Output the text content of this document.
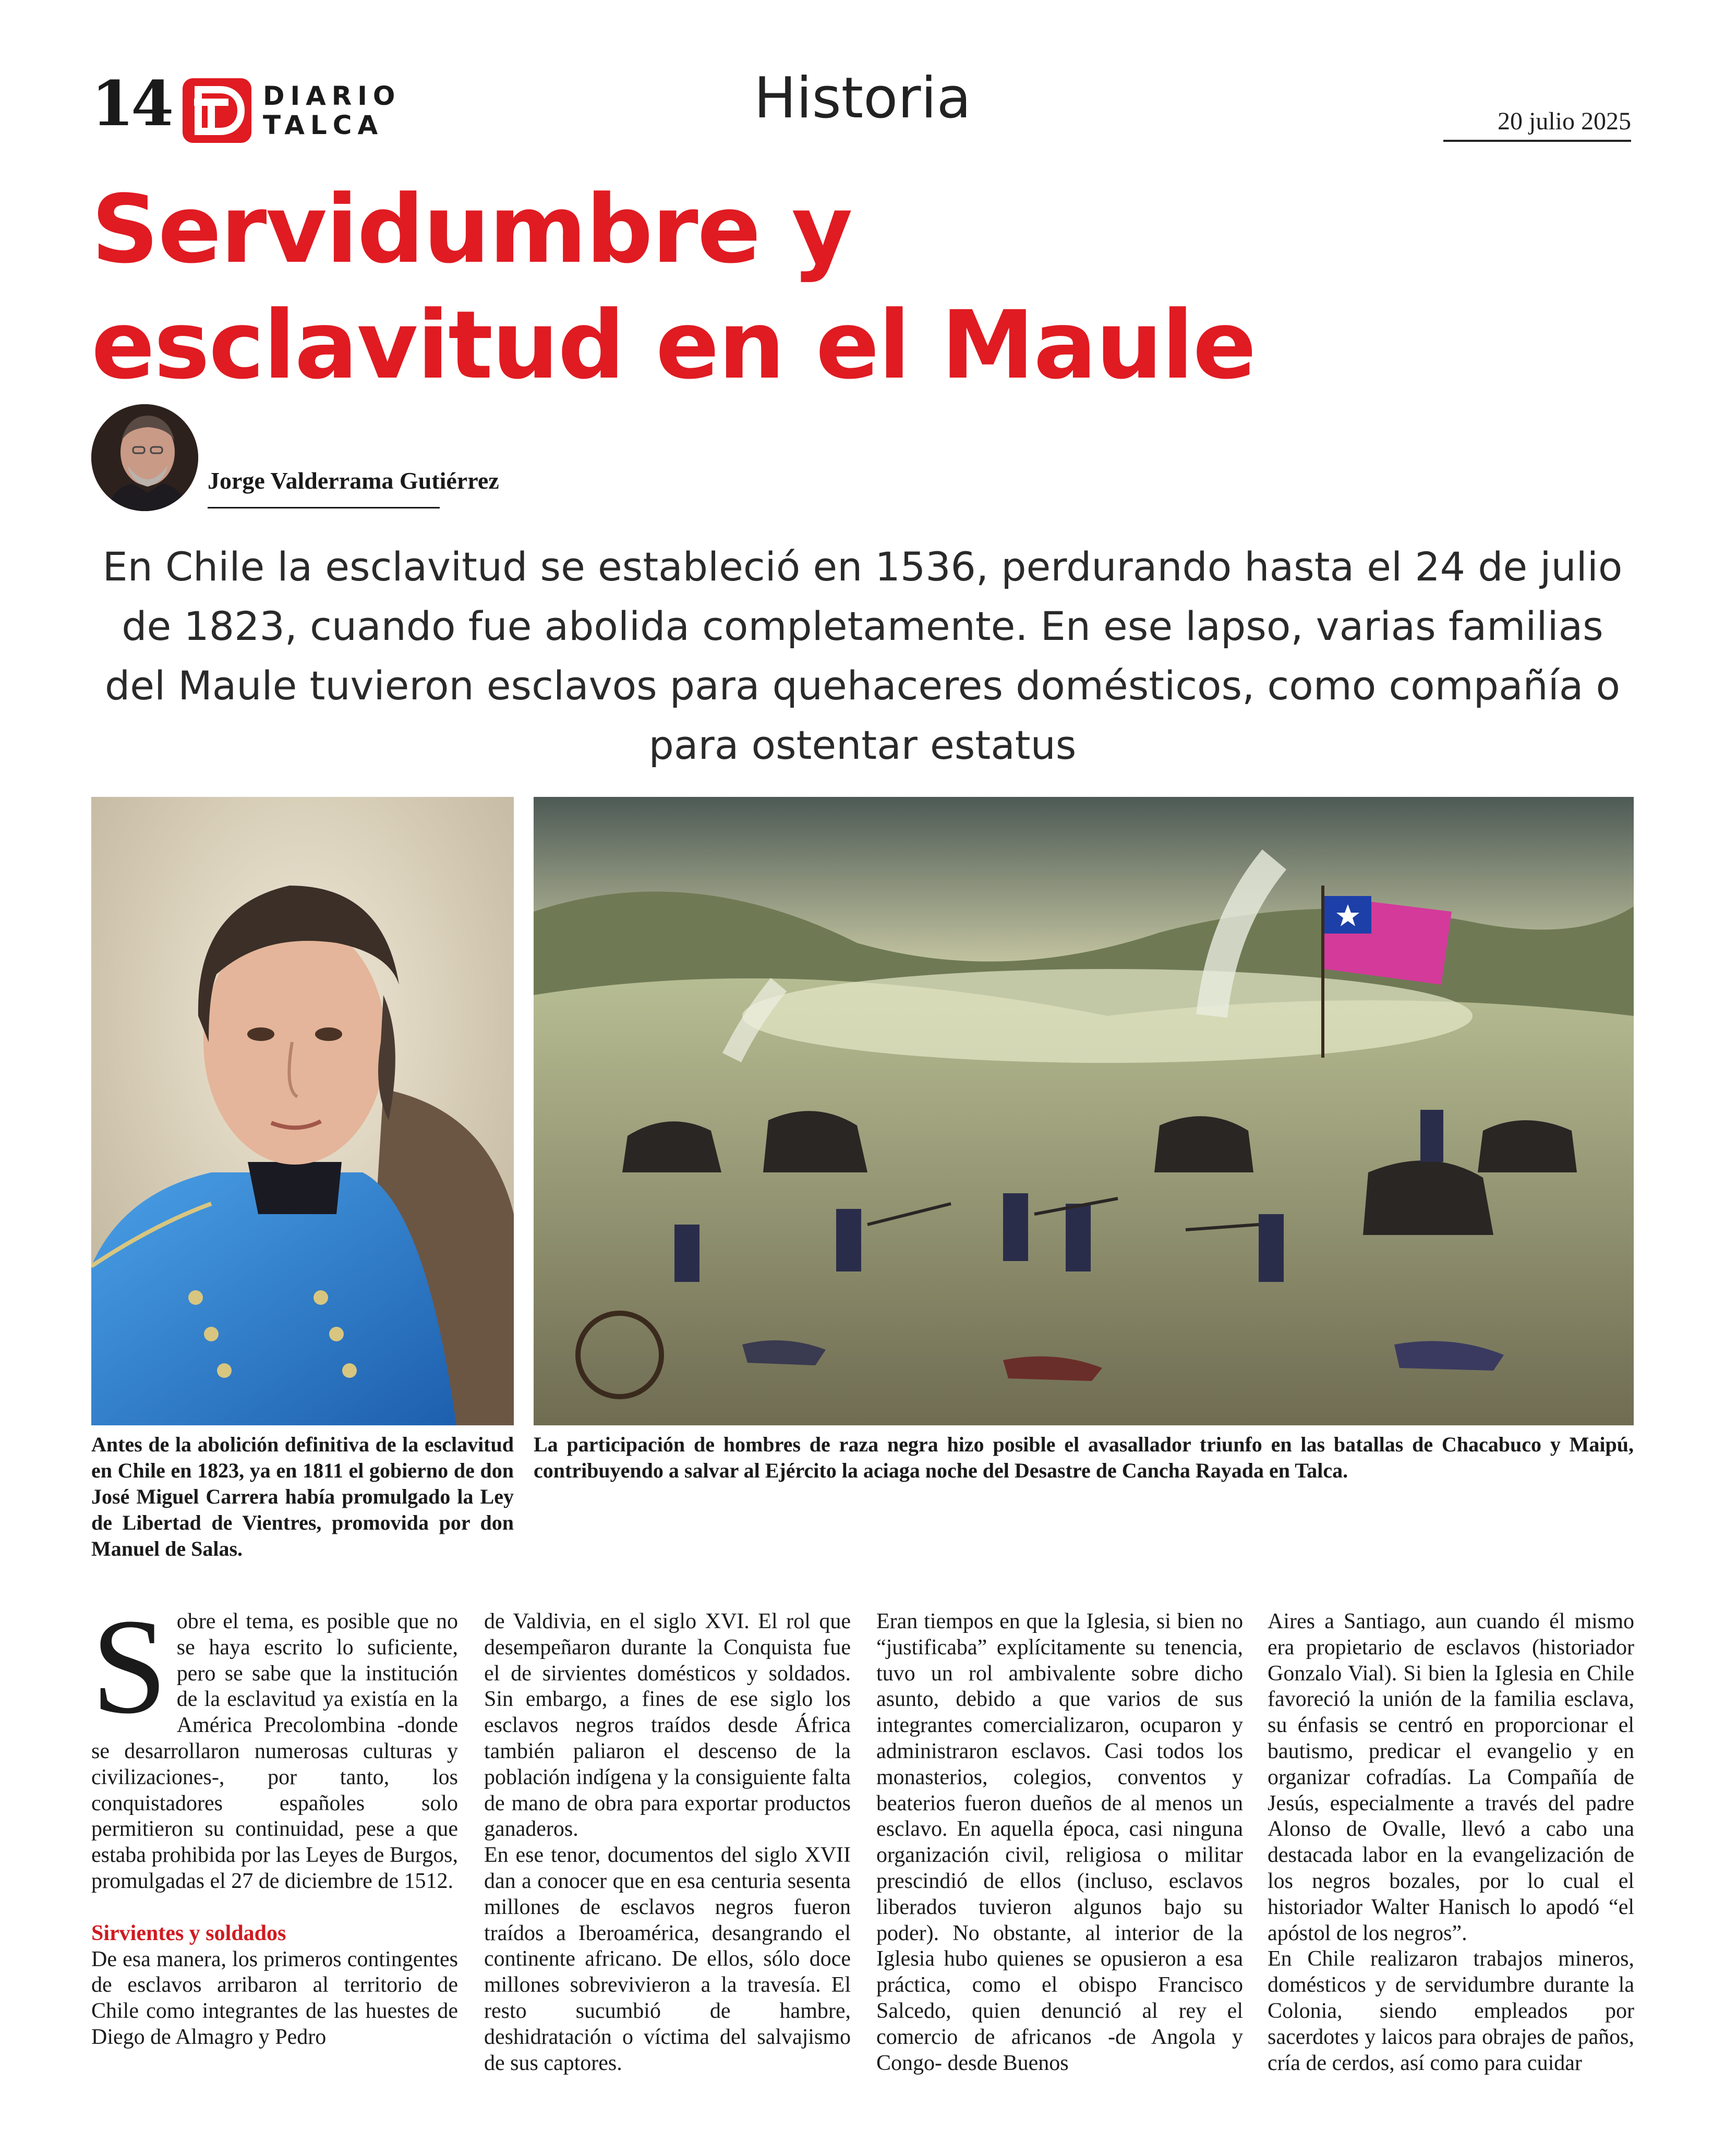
14	DIARIO
TALCA	Historia	20 julio 2025
Servidumbre y
esclavitud en el Maule
Jorge Valderrama Gutiérrez

En Chile la esclavitud se estableció en 1536, perdurando hasta el 24 de julio de 1823, cuando fue abolida completamente. En ese lapso, varias familias del Maule tuvieron esclavos para quehaceres domésticos, como compañía o para ostentar estatus

Antes de la abolición definitiva de la esclavitud en Chile en 1823, ya en 1811 el gobierno de don José Miguel Carrera había promulgado la Ley de Libertad de Vientres, promovida por don Manuel de Salas.

La participación de hombres de raza negra hizo posible el avasallador triunfo en las batallas de Chacabuco y Maipú, contribuyendo a salvar al Ejército la aciaga noche del Desastre de Cancha Rayada en Talca.

S obre el tema, es posible que no se haya escrito lo suficiente, pero se sabe que la institución de la esclavitud ya existía en la América Precolombina -donde se desarrollaron numerosas culturas y civilizaciones-, por tanto, los conquistadores españoles solo permitieron su continuidad, pese a que estaba prohibida por las Leyes de Burgos, promulgadas el 27 de diciembre de 1512.

Sirvientes y soldados

De esa manera, los primeros contingentes de esclavos arribaron al territorio de Chile como integrantes de las huestes de Diego de Almagro y Pedro

de Valdivia, en el siglo XVI. El rol que desempeñaron durante la Conquista fue el de sirvientes domésticos y soldados. Sin embargo, a fines de ese siglo los esclavos negros traídos desde África también paliaron el descenso de la población indígena y la consiguiente falta de mano de obra para exportar productos ganaderos.

En ese tenor, documentos del siglo XVII dan a conocer que en esa centuria sesenta millones de esclavos negros fueron traídos a Iberoamérica, desangrando el continente africano. De ellos, sólo doce millones sobrevivieron a la travesía. El resto sucumbió de hambre, deshidratación o víctima del salvajismo de sus captores.

Eran tiempos en que la Iglesia, si bien no “justificaba” explícitamente su tenencia, tuvo un rol ambivalente sobre dicho asunto, debido a que varios de sus integrantes comercializaron, ocuparon y administraron esclavos. Casi todos los monasterios, colegios, conventos y beaterios fueron dueños de al menos un esclavo. En aquella época, casi ninguna organización civil, religiosa o militar prescindió de ellos (incluso, esclavos liberados tuvieron algunos bajo su poder). No obstante, al interior de la Iglesia hubo quienes se opusieron a esa práctica, como el obispo Francisco Salcedo, quien denunció al rey el comercio de africanos -de Angola y Congo- desde Buenos

Aires a Santiago, aun cuando él mismo era propietario de esclavos (historiador Gonzalo Vial). Si bien la Iglesia en Chile favoreció la unión de la familia esclava, su énfasis se centró en proporcionar el bautismo, predicar el evangelio y en organizar cofradías. La Compañía de Jesús, especialmente a través del padre Alonso de Ovalle, llevó a cabo una destacada labor en la evangelización de los negros bozales, por lo cual el historiador Walter Hanisch lo apodó “el apóstol de los negros”.

En Chile realizaron trabajos mineros, domésticos y de servidumbre durante la Colonia, siendo empleados por sacerdotes y laicos para obrajes de paños, cría de cerdos, así como para cuidar
